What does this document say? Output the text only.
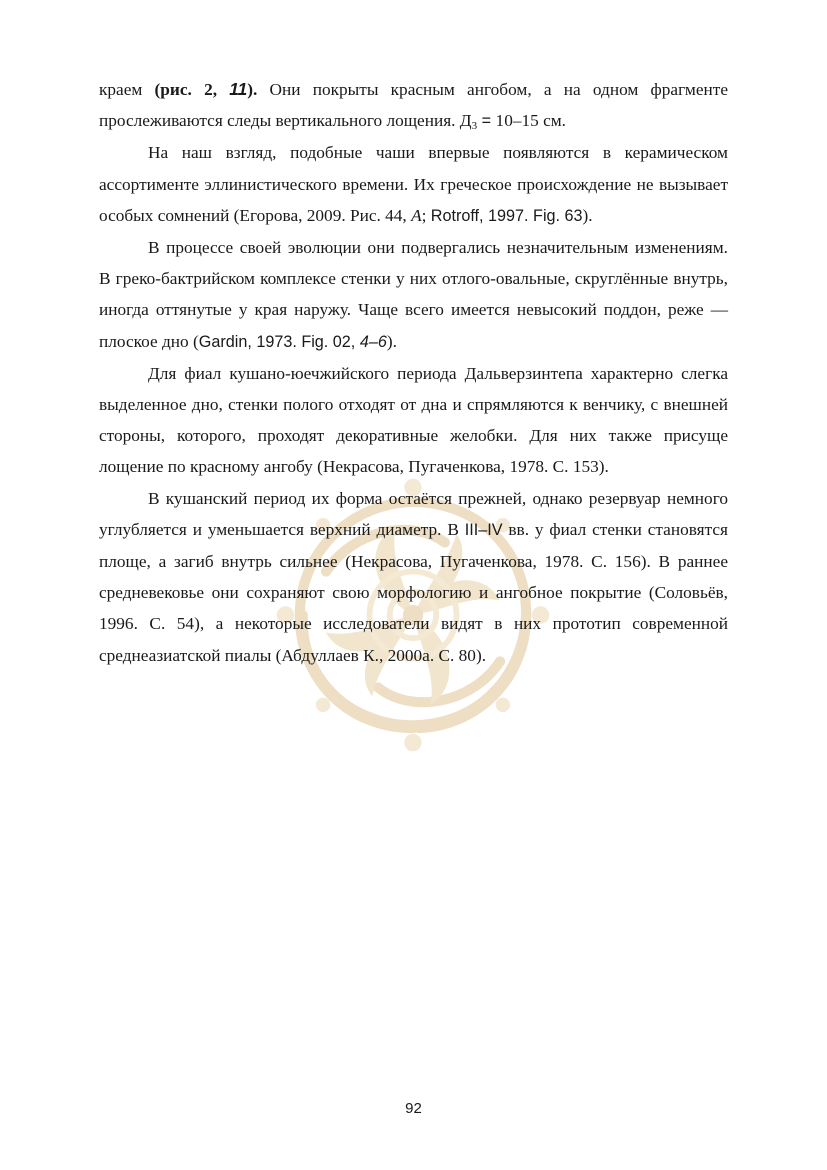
краем (рис. 2, 11). Они покрыты красным ангобом, а на одном фрагменте прослеживаются следы вертикального лощения. $Д_3 = 10-15$ см.

На наш взгляд, подобные чаши впервые появляются в керамическом ассортименте эллинистического времени. Их греческое происхождение не вызывает особых сомнений (Егорова, 2009. Рис. 44, А; Rotroff, 1997. Fig. 63).

В процессе своей эволюции они подвергались незначительным изменениям. В греко-бактрийском комплексе стенки у них отлого-овальные, скруглённые внутрь, иногда оттянутые у края наружу. Чаще всего имеется невысокий поддон, реже — плоское дно (Gardin, 1973. Fig. 02, 4–6).

Для фиал кушано-юечжийского периода Дальверзинтепа характерно слегка выделенное дно, стенки полого отходят от дна и спрямляются к венчику, с внешней стороны, которого, проходят декоративные желобки. Для них также присуще лощение по красному ангобу (Некрасова, Пугаченкова, 1978. С. 153).

В кушанский период их форма остаётся прежней, однако резервуар немного углубляется и уменьшается верхний диаметр. В III–IV вв. у фиал стенки становятся площе, а загиб внутрь сильнее (Некрасова, Пугаченкова, 1978. С. 156). В раннее средневековье они сохраняют свою морфологию и ангобное покрытие (Соловьёв, 1996. С. 54), а некоторые исследователи видят в них прототип современной среднеазиатской пиалы (Абдуллаев К., 2000а. С. 80).

92
